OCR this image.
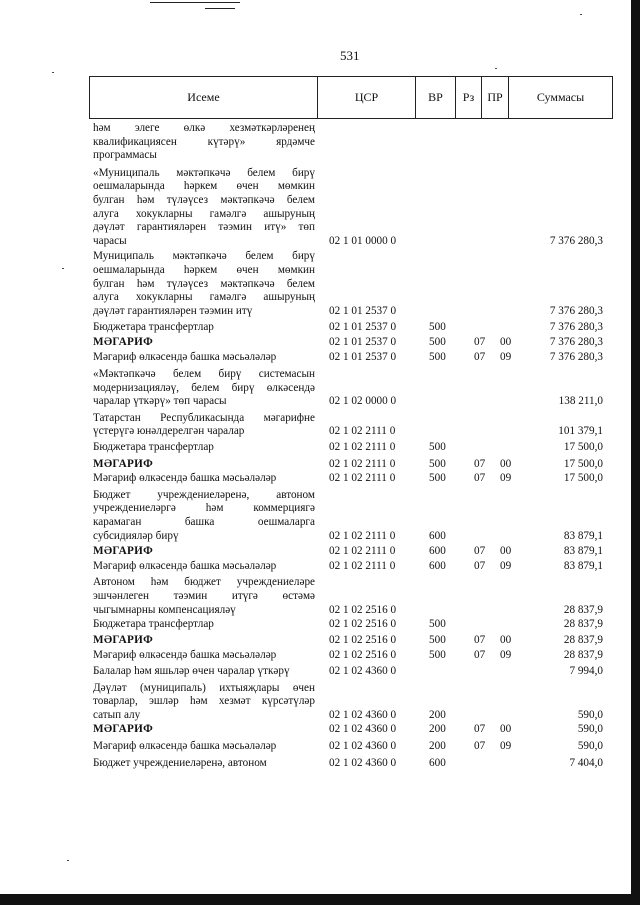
531
Исеме	ЦСР	ВР	Рз	ПР	Суммасы
һәм элеге өлкә хезмәткәрләренең
квалификациясен күтәрү» ярдәмче
программасы
«Муниципаль мәктәпкәчә белем бирү
оешмаларында һәркем өчен мөмкин
булган һәм түләүсез мәктәпкәчә белем
алуга хокукларны гамәлгә ашыруның
дәүләт гарантияләрен тәэмин итү» төп
чарасы	02 1 01 0000 0	7 376 280,3
Муниципаль мәктәпкәчә белем бирү
оешмаларында һәркем өчен мөмкин
булган һәм түләүсез мәктәпкәчә белем
алуга хокукларны гамәлгә ашыруның
дәүләт гарантияләрен тәэмин итү	02 1 01 2537 0	7 376 280,3
Бюджетара трансфертлар	02 1 01 2537 0	500	7 376 280,3
МӘГАРИФ	02 1 01 2537 0	500	07 00	7 376 280,3
Мәгариф өлкәсендә башка мәсьәләләр	02 1 01 2537 0	500	07 09	7 376 280,3
«Мәктәпкәчә белем бирү системасын
модернизацияләү, белем бирү өлкәсендә
чаралар үткәрү» төп чарасы	02 1 02 0000 0	138 211,0
Татарстан Республикасында мәгарифне
үстерүгә юнәлдерелгән чаралар	02 1 02 2111 0	101 379,1
Бюджетара трансфертлар	02 1 02 2111 0	500	17 500,0
МӘГАРИФ	02 1 02 2111 0	500	07 00	17 500,0
Мәгариф өлкәсендә башка мәсьәләләр	02 1 02 2111 0	500	07 09	17 500,0
Бюджет учреждениеләренә, автоном
учреждениеләргә һәм коммерциягә
карамаган башка оешмаларга
субсидияләр бирү	02 1 02 2111 0	600	83 879,1
МӘГАРИФ	02 1 02 2111 0	600	07 00	83 879,1
Мәгариф өлкәсендә башка мәсьәләләр	02 1 02 2111 0	600	07 09	83 879,1
Автоном һәм бюджет учреждениеләре
эшчәнлеген тәэмин итүгә өстәмә
чыгымнарны компенсацияләү	02 1 02 2516 0	28 837,9
Бюджетара трансфертлар	02 1 02 2516 0	500	28 837,9
МӘГАРИФ	02 1 02 2516 0	500	07 00	28 837,9
Мәгариф өлкәсендә башка мәсьәләләр	02 1 02 2516 0	500	07 09	28 837,9
Балалар һәм яшьләр өчен чаралар үткәрү	02 1 02 4360 0	7 994,0
Дәүләт (муниципаль) ихтыяҗлары өчен
товарлар, эшләр һәм хезмәт күрсәтүләр
сатып алу	02 1 02 4360 0	200	590,0
МӘГАРИФ	02 1 02 4360 0	200	07 00	590,0
Мәгариф өлкәсендә башка мәсьәләләр	02 1 02 4360 0	200	07 09	590,0
Бюджет учреждениеләренә, автоном	02 1 02 4360 0	600	7 404,0
